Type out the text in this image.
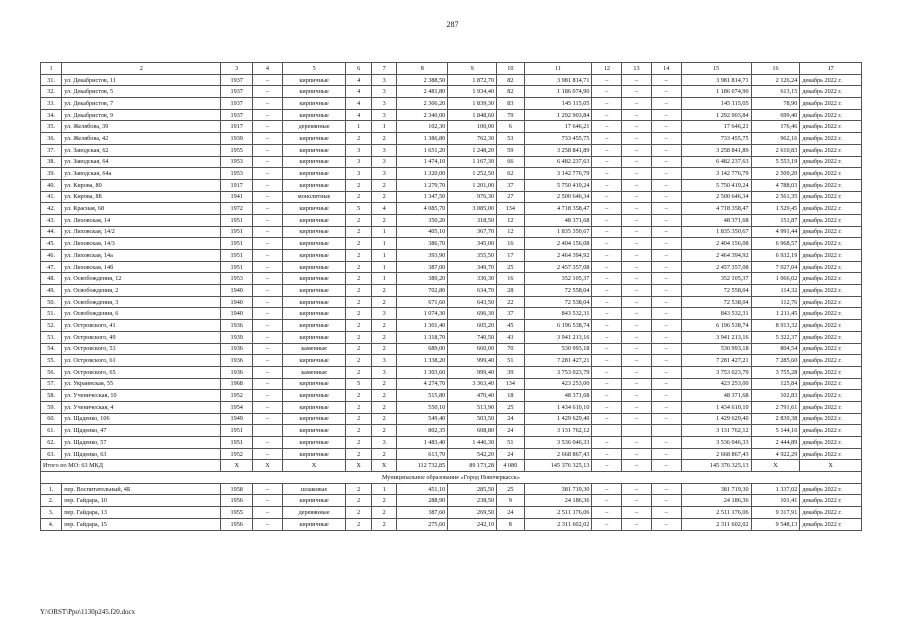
287
1	2	3	4	5	6	7	8	9	10	11	12	13	14	15	16	17
31.	ул. Декабристов, 11	1937	–	кирпичные	4	3	2 388,50	1 872,70	82	3 981 814,71	–	–	–	3 981 814,71	2 126,24	декабрь 2022 г.
32.	ул. Декабристов, 5	1937	–	кирпичные	4	3	2 481,80	1 934,40	82	1 186 074,90	–	–	–	1 186 074,90	613,15	декабрь 2022 г.
33.	ул. Декабристов, 7	1937	–	кирпичные	4	3	2 306,20	1 839,30	83	145 115,05	–	–	–	145 115,05	78,90	декабрь 2022 г.
34.	ул. Декабристов, 9	1937	–	кирпичные	4	3	2 340,00	1 848,60	79	1 292 903,84	–	–	–	1 292 903,84	699,40	декабрь 2022 г.
35.	ул. Желябова, 39	1917	–	деревянные	1	1	102,30	100,00	6	17 646,21	–	–	–	17 646,21	176,46	декабрь 2022 г.
36.	ул. Желябова, 42	1939	–	кирпичные	2	2	1 386,80	762,30	53	733 455,75	–	–	–	733 455,75	962,16	декабрь 2022 г.
37.	ул. Заводская, 62	1955	–	кирпичные	3	3	1 651,20	1 248,20	59	3 258 841,89	–	–	–	3 258 841,89	2 610,83	декабрь 2022 г.
38.	ул. Заводская, 64	1953	–	кирпичные	3	3	1 474,10	1 167,30	66	6 482 237,63	–	–	–	6 482 237,63	5 553,19	декабрь 2022 г.
39.	ул. Заводская, 64а	1953	–	кирпичные	3	3	1 320,00	1 252,50	62	3 142 776,79	–	–	–	3 142 776,79	2 509,20	декабрь 2022 г.
40.	ул. Кирова, 80	1917	–	кирпичные	2	2	1 279,70	1 201,00	37	5 750 419,24	–	–	–	5 750 419,24	4 788,03	декабрь 2022 г.
41.	ул. Кирова, 88	1941	–	монолитные	2	2	1 347,50	976,30	27	2 500 646,34	–	–	–	2 500 646,34	2 561,35	декабрь 2022 г.
42.	ул. Красная, 68	1972	–	кирпичные	5	4	4 085,70	3 085,00	134	4 718 358,47	–	–	–	4 718 358,47	1 529,45	декабрь 2022 г.
43.	ул. Лиховская, 14	1951	–	кирпичные	2	2	350,20	318,50	12	48 371,68	–	–	–	48 371,68	151,87	декабрь 2022 г.
44.	ул. Лиховская, 14/2	1951	–	кирпичные	2	1	405,10	367,70	12	1 835 350,67	–	–	–	1 835 350,67	4 991,44	декабрь 2022 г.
45.	ул. Лиховская, 14/3	1951	–	кирпичные	2	1	386,70	345,00	16	2 404 156,08	–	–	–	2 404 156,08	6 968,57	декабрь 2022 г.
46.	ул. Лиховская, 14а	1951	–	кирпичные	2	1	393,90	355,50	17	2 464 394,92	–	–	–	2 464 394,92	6 932,19	декабрь 2022 г.
47.	ул. Лиховская, 14б	1951	–	кирпичные	2	1	387,00	349,70	25	2 457 357,08	–	–	–	2 457 357,08	7 027,04	декабрь 2022 г.
48.	ул. Освобождения, 12	1953	–	кирпичные	2	1	389,20	330,30	16	352 105,37	–	–	–	352 105,37	1 066,02	декабрь 2022 г.
49.	ул. Освобождения, 2	1940	–	кирпичные	2	2	702,80	634,70	28	72 558,04	–	–	–	72 558,04	114,32	декабрь 2022 г.
50.	ул. Освобождения, 3	1940	–	кирпичные	2	2	671,60	643,50	22	72 538,04	–	–	–	72 538,04	112,76	декабрь 2022 г.
51.	ул. Освобождения, 6	1940	–	кирпичные	2	3	1 074,30	696,30	37	843 532,31	–	–	–	843 532,31	1 211,45	декабрь 2022 г.
52.	ул. Островского, 41	1936	–	кирпичные	2	2	1 301,40	605,20	45	6 196 538,74	–	–	–	6 196 538,74	8 913,32	декабрь 2022 г.
53.	ул. Островского, 49	1939	–	кирпичные	2	2	1 318,70	740,50	43	3 941 213,16	–	–	–	3 941 213,16	5 322,37	декабрь 2022 г.
54.	ул. Островского, 53	1936	–	каменные	2	2	689,00	660,00	70	530 993,18	–	–	–	530 993,18	804,54	декабрь 2022 г.
55.	ул. Островского, 61	1936	–	кирпичные	2	3	1 338,20	999,40	51	7 281 427,21	–	–	–	7 281 427,21	7 285,60	декабрь 2022 г.
56.	ул. Островского, 65	1936	–	каменные	2	3	1 303,60	999,40	39	3 753 023,79	–	–	–	3 753 023,79	3 755,28	декабрь 2022 г.
57.	ул. Украинская, 55	1968	–	кирпичные	5	2	4 274,70	3 363,40	134	423 253,00	–	–	–	423 253,00	125,84	декабрь 2022 г.
58.	ул. Ученическая, 10	1952	–	кирпичные	2	2	515,80	470,40	18	48 371,68	–	–	–	48 371,68	102,83	декабрь 2022 г.
59.	ул. Ученическая, 4	1954	–	кирпичные	2	2	550,10	513,90	25	1 434 610,10	–	–	–	1 434 610,10	2 791,61	декабрь 2022 г.
60.	ул. Щаденко, 106	1949	–	кирпичные	2	2	549,40	503,50	24	1 429 629,40	–	–	–	1 429 629,40	2 839,38	декабрь 2022 г.
61.	ул. Щаденко, 47	1951		кирпичные	2	2	802,35	608,80	24	3 131 762,12				3 131 762,12	5 144,16	декабрь 2022 г.
62.	ул. Щаденко, 57	1951	–	кирпичные	2	3	1 483,40	1 446,30	51	3 536 046,33	–	–	–	3 536 046,33	2 444,89	декабрь 2022 г.
63.	ул. Щаденко, 63	1952	–	кирпичные	2	2	613,70	542,20	24	2 668 867,43	–	–	–	2 668 867,43	4 922,29	декабрь 2022 г.
Итого по МО: 63 МКД		Х	Х	Х	Х	Х	112 732,85	89 173,28	4 080	145 376 325,13	–	–	–	145 376 325,13	Х	Х
Муниципальное образование «Город Новочеркасск»																
1.	пер. Воспитательный, 4Б	1958	–	шлаковые	2	1	451,10	285,50	25	381 719,30	–	–	–	381 719,30	1 337,02	декабрь 2022 г.
2.	пер. Гайдара, 10	1956	–	кирпичные	2	2	288,90	238,50	9	24 186,36	–	–	–	24 186,36	101,41	декабрь 2022 г.
3.	пер. Гайдара, 13	1955	–	деревянные	2	2	387,60	269,50	24	2 511 176,06	–	–	–	2 511 176,06	9 317,91	декабрь 2022 г.
4.	пер. Гайдара, 15	1956	–	кирпичные	2	2	275,60	242,10	8	2 311 602,02	–	–	–	2 311 602,02	9 548,13	декабрь 2022 г.
Y:\ORST\Ppo\1130p245.f20.docx
